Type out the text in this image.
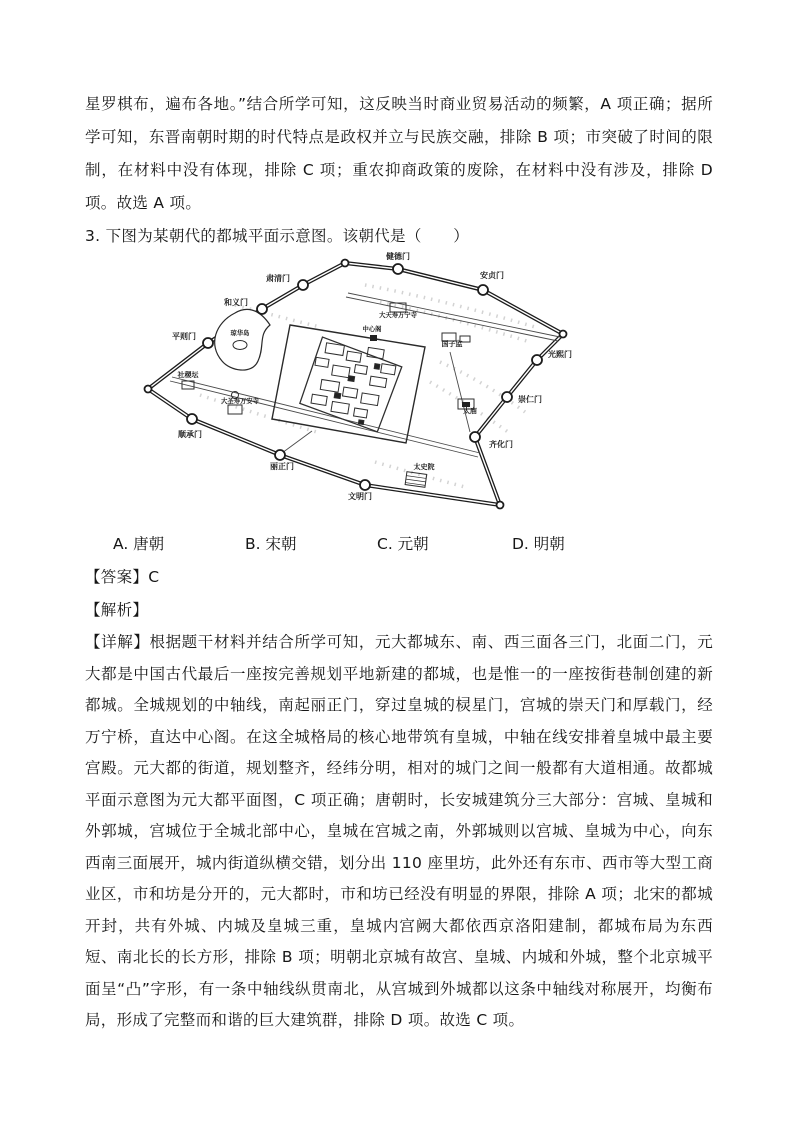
星罗棋布，遍布各地。”结合所学可知，这反映当时商业贸易活动的频繁，A 项正确；据所学可知，东晋南朝时期的时代特点是政权并立与民族交融，排除 B 项；市突破了时间的限制，在材料中没有体现，排除 C 项；重农抑商政策的废除，在材料中没有涉及，排除 D 项。故选 A 项。

3. 下图为某朝代的都城平面示意图。该朝代是（　　）

肃清门
健德门
安贞门
和义门
平则门
光熙门
崇仁门
齐化门
顺承门
丽正门
文明门
大天寿万宁寺
国子监
中心阁
社稷坛
大圣寿万安寺
太庙
太史院
琼华岛
A. 唐朝	B. 宋朝	C. 元朝	D. 明朝

【答案】C

【解析】

【详解】根据题干材料并结合所学可知，元大都城东、南、西三面各三门，北面二门，元大都是中国古代最后一座按完善规划平地新建的都城，也是惟一的一座按街巷制创建的新都城。全城规划的中轴线，南起丽正门，穿过皇城的棂星门，宫城的崇天门和厚载门，经万宁桥，直达中心阁。在这全城格局的核心地带筑有皇城，中轴在线安排着皇城中最主要宫殿。元大都的街道，规划整齐，经纬分明，相对的城门之间一般都有大道相通。故都城平面示意图为元大都平面图，C 项正确；唐朝时，长安城建筑分三大部分：宫城、皇城和外郭城，宫城位于全城北部中心，皇城在宫城之南，外郭城则以宫城、皇城为中心，向东西南三面展开，城内街道纵横交错，划分出 110 座里坊，此外还有东市、西市等大型工商业区，市和坊是分开的，元大都时，市和坊已经没有明显的界限，排除 A 项；北宋的都城开封，共有外城、内城及皇城三重，皇城内宫阙大都依西京洛阳建制，都城布局为东西短、南北长的长方形，排除 B 项；明朝北京城有故宫、皇城、内城和外城，整个北京城平面呈“凸”字形，有一条中轴线纵贯南北，从宫城到外城都以这条中轴线对称展开，均衡布局，形成了完整而和谐的巨大建筑群，排除 D 项。故选 C 项。
